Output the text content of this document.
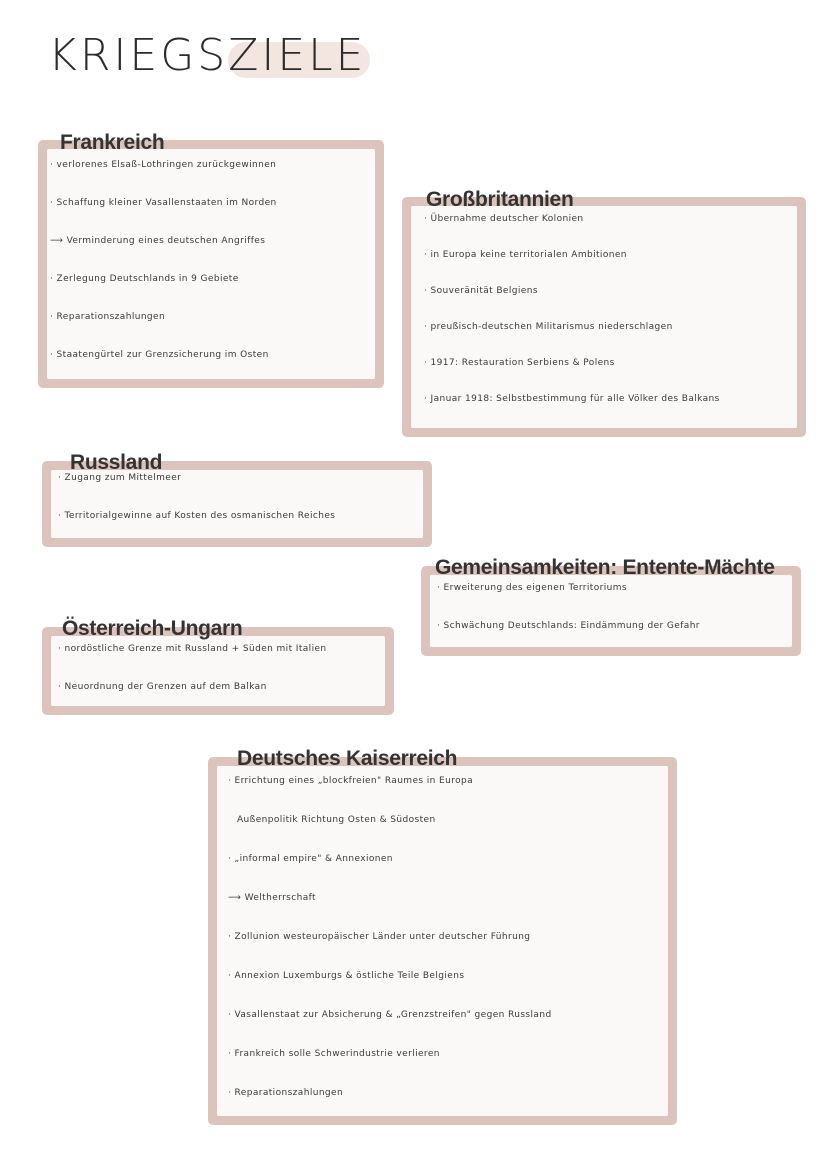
KRIEGSZIELE
Frankreich
· verlorenes Elsaß-Lothringen zurückgewinnen
· Schaffung kleiner Vasallenstaaten im Norden
⟶ Verminderung eines deutschen Angriffes
· Zerlegung Deutschlands in 9 Gebiete
· Reparationszahlungen
· Staatengürtel zur Grenzsicherung im Osten
Großbritannien
· Übernahme deutscher Kolonien
· in Europa keine territorialen Ambitionen
· Souveränität Belgiens
· preußisch-deutschen Militarismus niederschlagen
· 1917: Restauration Serbiens & Polens
· Januar 1918: Selbstbestimmung für alle Völker des Balkans
Russland
· Zugang zum Mittelmeer
· Territorialgewinne auf Kosten des osmanischen Reiches
Gemeinsamkeiten: Entente-Mächte
· Erweiterung des eigenen Territoriums
· Schwächung Deutschlands: Eindämmung der Gefahr
Österreich-Ungarn
· nordöstliche Grenze mit Russland + Süden mit Italien
· Neuordnung der Grenzen auf dem Balkan
Deutsches Kaiserreich
· Errichtung eines „blockfreien" Raumes in Europa
Außenpolitik Richtung Osten & Südosten
· „informal empire" & Annexionen
⟶ Weltherrschaft
· Zollunion westeuropäischer Länder unter deutscher Führung
· Annexion Luxemburgs & östliche Teile Belgiens
· Vasallenstaat zur Absicherung & „Grenzstreifen" gegen Russland
· Frankreich solle Schwerindustrie verlieren
· Reparationszahlungen
